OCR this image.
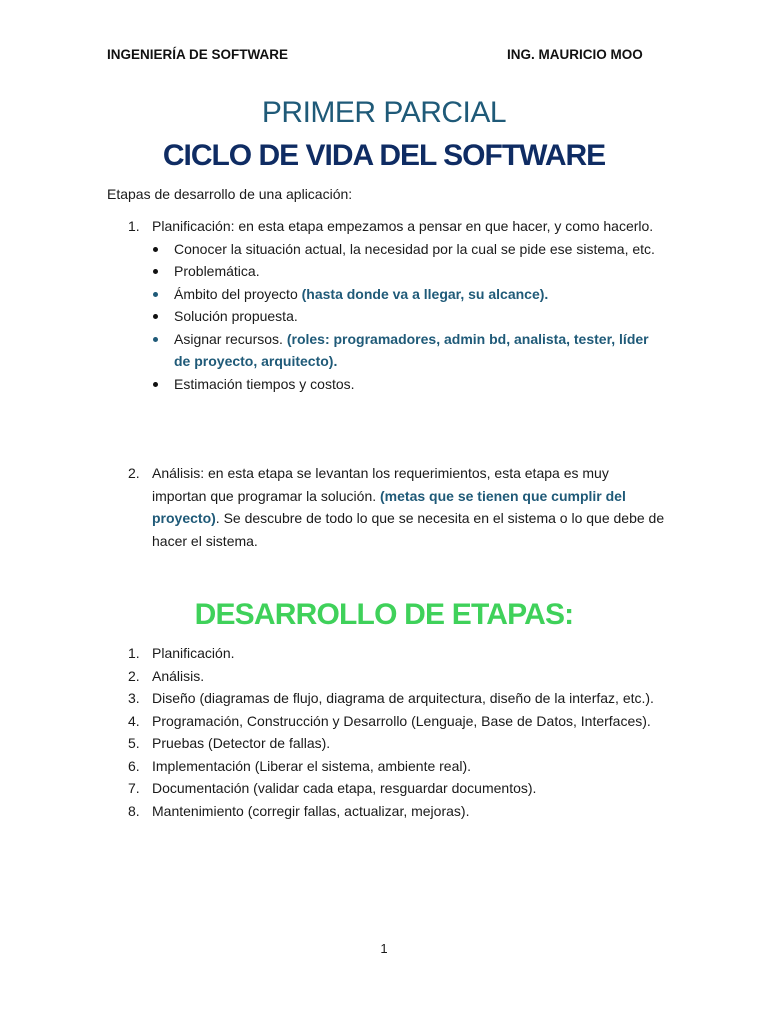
INGENIERÍA DE SOFTWARE	ING. MAURICIO MOO
PRIMER PARCIAL
CICLO DE VIDA DEL SOFTWARE
Etapas de desarrollo de una aplicación:
1. Planificación: en esta etapa empezamos a pensar en que hacer, y como hacerlo.
Conocer la situación actual, la necesidad por la cual se pide ese sistema, etc.
Problemática.
Ámbito del proyecto (hasta donde va a llegar, su alcance).
Solución propuesta.
Asignar recursos. (roles: programadores, admin bd, analista, tester, líder de proyecto, arquitecto).
Estimación tiempos y costos.
2. Análisis: en esta etapa se levantan los requerimientos, esta etapa es muy importan que programar la solución. (metas que se tienen que cumplir del proyecto). Se descubre de todo lo que se necesita en el sistema o lo que debe de hacer el sistema.
DESARROLLO DE ETAPAS:
1. Planificación.
2. Análisis.
3. Diseño (diagramas de flujo, diagrama de arquitectura, diseño de la interfaz, etc.).
4. Programación, Construcción y Desarrollo (Lenguaje, Base de Datos, Interfaces).
5. Pruebas (Detector de fallas).
6. Implementación (Liberar el sistema, ambiente real).
7. Documentación (validar cada etapa, resguardar documentos).
8. Mantenimiento (corregir fallas, actualizar, mejoras).
1
